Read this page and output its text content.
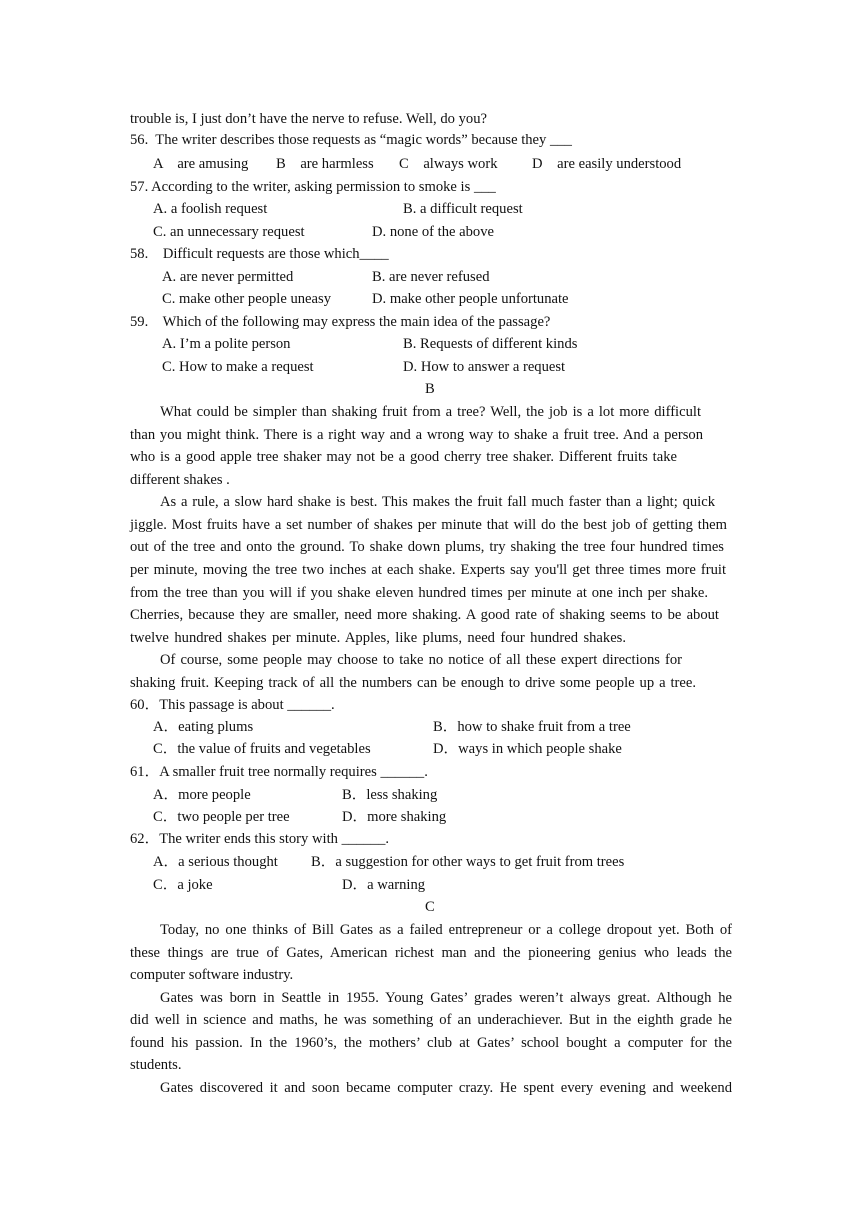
trouble is, I just don’t have the nerve to refuse. Well, do you?
56.  The writer describes those requests as “magic words” because they ___
A    are amusing B    are harmless C    always work D    are easily understood
57. According to the writer, asking permission to smoke is ___
A. a foolish request	B. a difficult request
C. an unnecessary request	D. none of the above
58.    Difficult requests are those which____
A. are never permitted	B. are never refused
C. make other people uneasy	D. make other people unfortunate
59.    Which of the following may express the main idea of the passage?
A. I’m a polite person	B. Requests of different kinds
C. How to make a request	D. How to answer a request
B
What could be simpler than shaking fruit from a tree? Well, the job is a lot more difficult
than you might think. There is a right way and a wrong way to shake a fruit tree. And a person
who is a good apple tree shaker may not be a good cherry tree shaker. Different fruits take
different shakes .
As a rule, a slow hard shake is best. This makes the fruit fall much faster than a light; quick
jiggle. Most fruits have a set number of shakes per minute that will do the best job of getting them
out of the tree and onto the ground. To shake down plums, try shaking the tree four hundred times
per minute, moving the tree two inches at each shake. Experts say you'll get three times more fruit
from the tree than you will if you shake eleven hundred times per minute at one inch per shake.
Cherries, because they are smaller, need more shaking. A good rate of shaking seems to be about
twelve hundred shakes per minute. Apples, like plums, need four hundred shakes.
Of course, some people may choose to take no notice of all these expert directions for
shaking fruit. Keeping track of all the numbers can be enough to drive some people up a tree.
60．This passage is about ______.
A．eating plums	B．how to shake fruit from a tree
C．the value of fruits and vegetables	D．ways in which people shake
61．A smaller fruit tree normally requires ______.
A．more people	B．less shaking
C．two people per tree	D．more shaking
62．The writer ends this story with ______.
A．a serious thought B．a suggestion for other ways to get fruit from trees
C．a joke	D．a warning
C
Today, no one thinks of Bill Gates as a failed entrepreneur or a college dropout yet. Both of
these things are true of Gates, American richest man and the pioneering genius who leads the
computer software industry.
Gates was born in Seattle in 1955. Young Gates’ grades weren’t always great. Although he
did well in science and maths, he was something of an underachiever. But in the eighth grade he
found his passion. In the 1960’s, the mothers’ club at Gates’ school bought a computer for the
students.
Gates discovered it and soon became computer crazy. He spent every evening and weekend
